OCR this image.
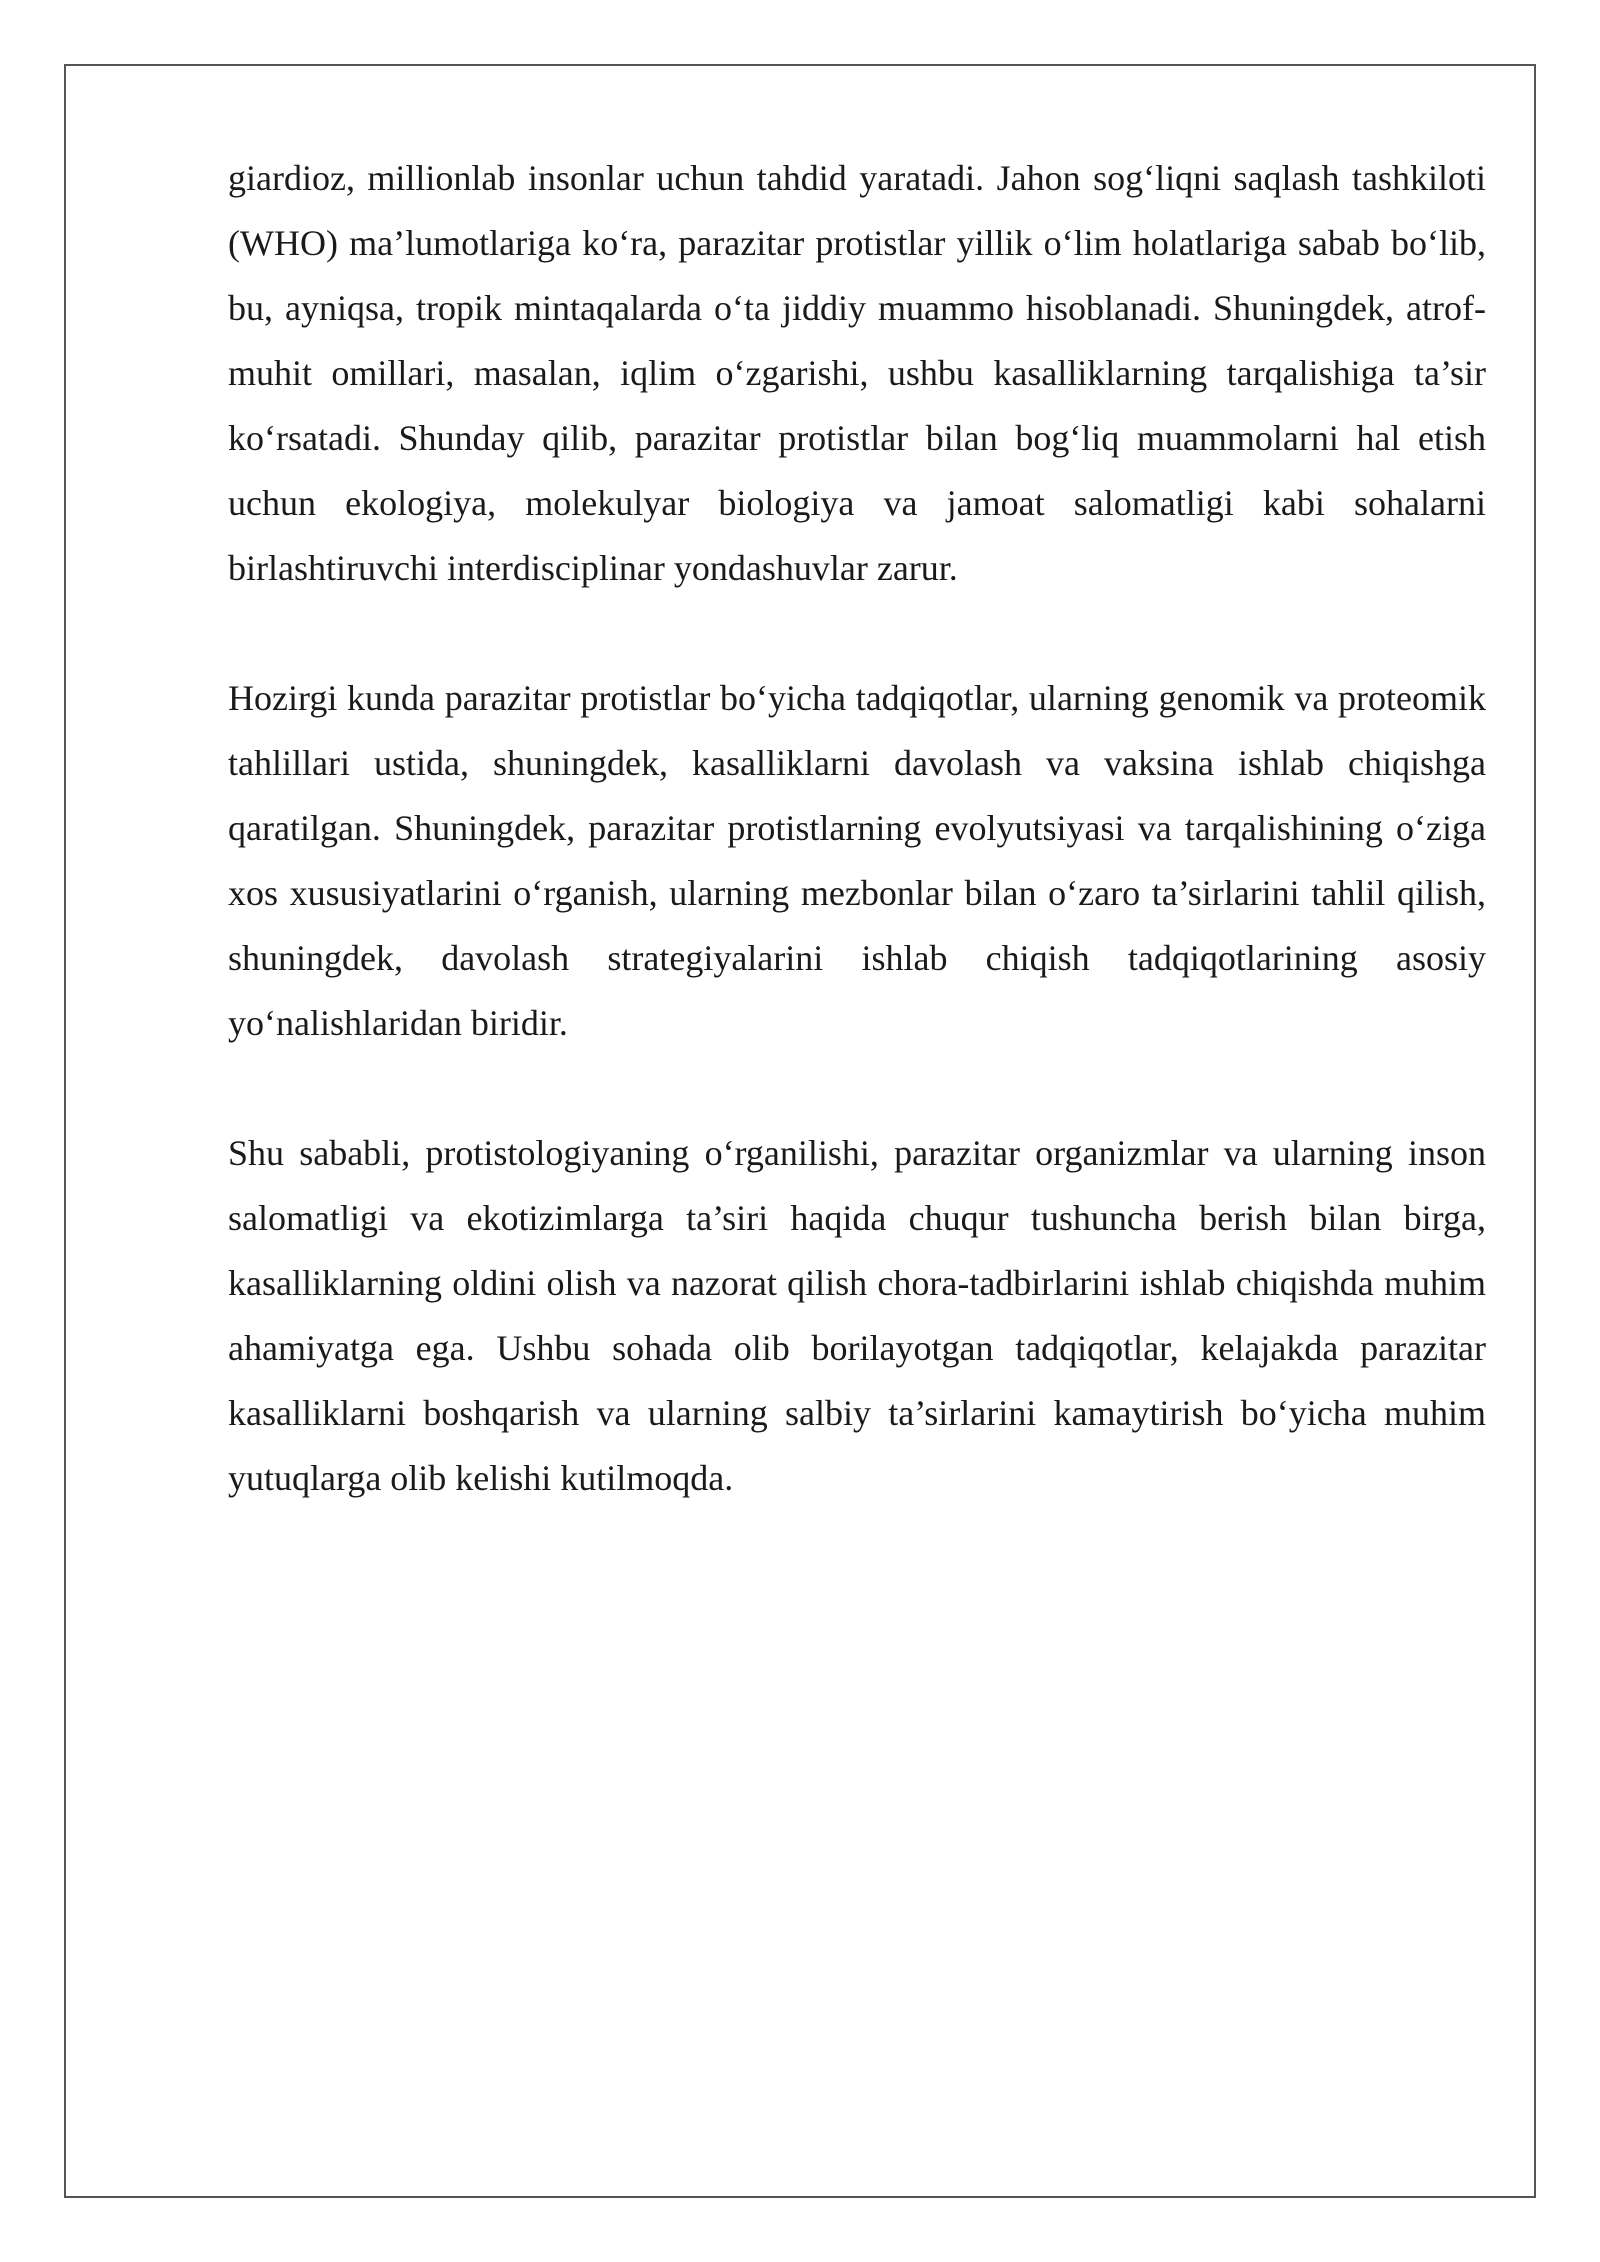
giardioz, millionlab insonlar uchun tahdid yaratadi. Jahon sog‘liqni saqlash tashkiloti (WHO) ma’lumotlariga ko‘ra, parazitar protistlar yillik o‘lim holatlariga sabab bo‘lib, bu, ayniqsa, tropik mintaqalarda o‘ta jiddiy muammo hisoblanadi. Shuningdek, atrof-muhit omillari, masalan, iqlim o‘zgarishi, ushbu kasalliklarning tarqalishiga ta’sir ko‘rsatadi. Shunday qilib, parazitar protistlar bilan bog‘liq muammolarni hal etish uchun ekologiya, molekulyar biologiya va jamoat salomatligi kabi sohalarni birlashtiruvchi interdisciplinar yondashuvlar zarur.

Hozirgi kunda parazitar protistlar bo‘yicha tadqiqotlar, ularning genomik va proteomik tahlillari ustida, shuningdek, kasalliklarni davolash va vaksina ishlab chiqishga qaratilgan. Shuningdek, parazitar protistlarning evolyutsiyasi va tarqalishining o‘ziga xos xususiyatlarini o‘rganish, ularning mezbonlar bilan o‘zaro ta’sirlarini tahlil qilish, shuningdek, davolash strategiyalarini ishlab chiqish tadqiqotlarining asosiy yo‘nalishlaridan biridir.

Shu sababli, protistologiyaning o‘rganilishi, parazitar organizmlar va ularning inson salomatligi va ekotizimlarga ta’siri haqida chuqur tushuncha berish bilan birga, kasalliklarning oldini olish va nazorat qilish chora-tadbirlarini ishlab chiqishda muhim ahamiyatga ega. Ushbu sohada olib borilayotgan tadqiqotlar, kelajakda parazitar kasalliklarni boshqarish va ularning salbiy ta’sirlarini kamaytirish bo‘yicha muhim yutuqlarga olib kelishi kutilmoqda.
